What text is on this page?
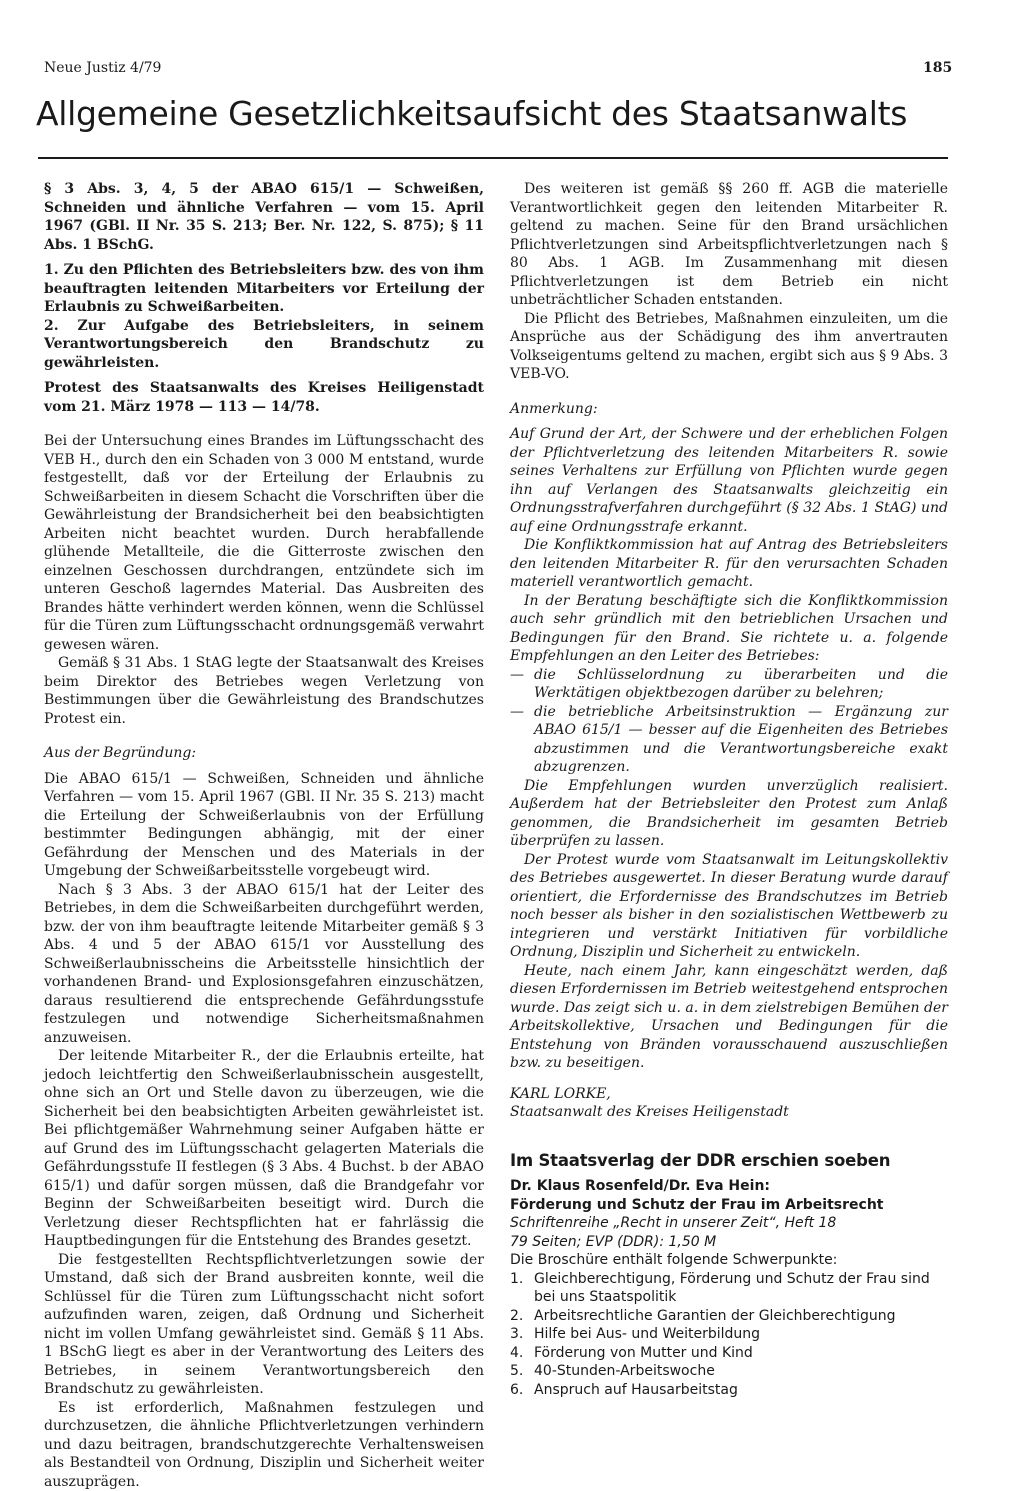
Neue Justiz 4/79	185
Allgemeine Gesetzlichkeitsaufsicht des Staatsanwalts

§ 3 Abs. 3, 4, 5 der ABAO 615/1 — Schweißen, Schneiden und ähnliche Verfahren — vom 15. April 1967 (GBl. II Nr. 35 S. 213; Ber. Nr. 122, S. 875); § 11 Abs. 1 BSchG.

1. Zu den Pflichten des Betriebsleiters bzw. des von ihm beauftragten leitenden Mitarbeiters vor Erteilung der Erlaubnis zu Schweißarbeiten.

2. Zur Aufgabe des Betriebsleiters, in seinem Verantwortungsbereich den Brandschutz zu gewährleisten.

Protest des Staatsanwalts des Kreises Heiligenstadt vom 21. März 1978 — 113 — 14/78.

Bei der Untersuchung eines Brandes im Lüftungsschacht des VEB H., durch den ein Schaden von 3 000 M entstand, wurde festgestellt, daß vor der Erteilung der Erlaubnis zu Schweißarbeiten in diesem Schacht die Vorschriften über die Gewährleistung der Brandsicherheit bei den beabsichtigten Arbeiten nicht beachtet wurden. Durch herabfallende glühende Metallteile, die die Gitterroste zwischen den einzelnen Geschossen durchdrangen, entzündete sich im unteren Geschoß lagerndes Material. Das Ausbreiten des Brandes hätte verhindert werden können, wenn die Schlüssel für die Türen zum Lüftungsschacht ordnungsgemäß verwahrt gewesen wären.

Gemäß § 31 Abs. 1 StAG legte der Staatsanwalt des Kreises beim Direktor des Betriebes wegen Verletzung von Bestimmungen über die Gewährleistung des Brandschutzes Protest ein.

Aus der Begründung:

Die ABAO 615/1 — Schweißen, Schneiden und ähnliche Verfahren — vom 15. April 1967 (GBl. II Nr. 35 S. 213) macht die Erteilung der Schweißerlaubnis von der Erfüllung bestimmter Bedingungen abhängig, mit der einer Gefährdung der Menschen und des Materials in der Umgebung der Schweißarbeitsstelle vorgebeugt wird.

Nach § 3 Abs. 3 der ABAO 615/1 hat der Leiter des Betriebes, in dem die Schweißarbeiten durchgeführt werden, bzw. der von ihm beauftragte leitende Mitarbeiter gemäß § 3 Abs. 4 und 5 der ABAO 615/1 vor Ausstellung des Schweißerlaubnisscheins die Arbeitsstelle hinsichtlich der vorhandenen Brand- und Explosionsgefahren einzuschätzen, daraus resultierend die entsprechende Gefährdungsstufe festzulegen und notwendige Sicherheitsmaßnahmen anzuweisen.

Der leitende Mitarbeiter R., der die Erlaubnis erteilte, hat jedoch leichtfertig den Schweißerlaubnisschein ausgestellt, ohne sich an Ort und Stelle davon zu überzeugen, wie die Sicherheit bei den beabsichtigten Arbeiten gewährleistet ist. Bei pflichtgemäßer Wahrnehmung seiner Aufgaben hätte er auf Grund des im Lüftungsschacht gelagerten Materials die Gefährdungsstufe II festlegen (§ 3 Abs. 4 Buchst. b der ABAO 615/1) und dafür sorgen müssen, daß die Brandgefahr vor Beginn der Schweißarbeiten beseitigt wird. Durch die Verletzung dieser Rechtspflichten hat er fahrlässig die Hauptbedingungen für die Entstehung des Brandes gesetzt.

Die festgestellten Rechtspflichtverletzungen sowie der Umstand, daß sich der Brand ausbreiten konnte, weil die Schlüssel für die Türen zum Lüftungsschacht nicht sofort aufzufinden waren, zeigen, daß Ordnung und Sicherheit nicht im vollen Umfang gewährleistet sind. Gemäß § 11 Abs. 1 BSchG liegt es aber in der Verantwortung des Leiters des Betriebes, in seinem Verantwortungsbereich den Brandschutz zu gewährleisten.

Es ist erforderlich, Maßnahmen festzulegen und durchzusetzen, die ähnliche Pflichtverletzungen verhindern und dazu beitragen, brandschutzgerechte Verhaltensweisen als Bestandteil von Ordnung, Disziplin und Sicherheit weiter auszuprägen.

Des weiteren ist gemäß §§ 260 ff. AGB die materielle Verantwortlichkeit gegen den leitenden Mitarbeiter R. geltend zu machen. Seine für den Brand ursächlichen Pflichtverletzungen sind Arbeitspflichtverletzungen nach § 80 Abs. 1 AGB. Im Zusammenhang mit diesen Pflichtverletzungen ist dem Betrieb ein nicht unbeträchtlicher Schaden entstanden.

Die Pflicht des Betriebes, Maßnahmen einzuleiten, um die Ansprüche aus der Schädigung des ihm anvertrauten Volkseigentums geltend zu machen, ergibt sich aus § 9 Abs. 3 VEB-VO.

Anmerkung:

Auf Grund der Art, der Schwere und der erheblichen Folgen der Pflichtverletzung des leitenden Mitarbeiters R. sowie seines Verhaltens zur Erfüllung von Pflichten wurde gegen ihn auf Verlangen des Staatsanwalts gleichzeitig ein Ordnungsstrafverfahren durchgeführt (§ 32 Abs. 1 StAG) und auf eine Ordnungsstrafe erkannt.

Die Konfliktkommission hat auf Antrag des Betriebsleiters den leitenden Mitarbeiter R. für den verursachten Schaden materiell verantwortlich gemacht.

In der Beratung beschäftigte sich die Konfliktkommission auch sehr gründlich mit den betrieblichen Ursachen und Bedingungen für den Brand. Sie richtete u. a. folgende Empfehlungen an den Leiter des Betriebes:

— die Schlüsselordnung zu überarbeiten und die Werktätigen objektbezogen darüber zu belehren;
— die betriebliche Arbeitsinstruktion — Ergänzung zur ABAO 615/1 — besser auf die Eigenheiten des Betriebes abzustimmen und die Verantwortungsbereiche exakt abzugrenzen.

Die Empfehlungen wurden unverzüglich realisiert. Außerdem hat der Betriebsleiter den Protest zum Anlaß genommen, die Brandsicherheit im gesamten Betrieb überprüfen zu lassen.

Der Protest wurde vom Staatsanwalt im Leitungskollektiv des Betriebes ausgewertet. In dieser Beratung wurde darauf orientiert, die Erfordernisse des Brandschutzes im Betrieb noch besser als bisher in den sozialistischen Wettbewerb zu integrieren und verstärkt Initiativen für vorbildliche Ordnung, Disziplin und Sicherheit zu entwickeln.

Heute, nach einem Jahr, kann eingeschätzt werden, daß diesen Erfordernissen im Betrieb weitestgehend entsprochen wurde. Das zeigt sich u. a. in dem zielstrebigen Bemühen der Arbeitskollektive, Ursachen und Bedingungen für die Entstehung von Bränden vorausschauend auszuschließen bzw. zu beseitigen.

KARL LORKE,

Staatsanwalt des Kreises Heiligenstadt

Im Staatsverlag der DDR erschien soeben

Dr. Klaus Rosenfeld/Dr. Eva Hein:

Förderung und Schutz der Frau im Arbeitsrecht

Schriftenreihe „Recht in unserer Zeit“, Heft 18

79 Seiten; EVP (DDR): 1,50 M

Die Broschüre enthält folgende Schwerpunkte:

1. Gleichberechtigung, Förderung und Schutz der Frau sind bei uns Staatspolitik
2. Arbeitsrechtliche Garantien der Gleichberechtigung
3. Hilfe bei Aus- und Weiterbildung
4. Förderung von Mutter und Kind
5. 40-Stunden-Arbeitswoche
6. Anspruch auf Hausarbeitstag
